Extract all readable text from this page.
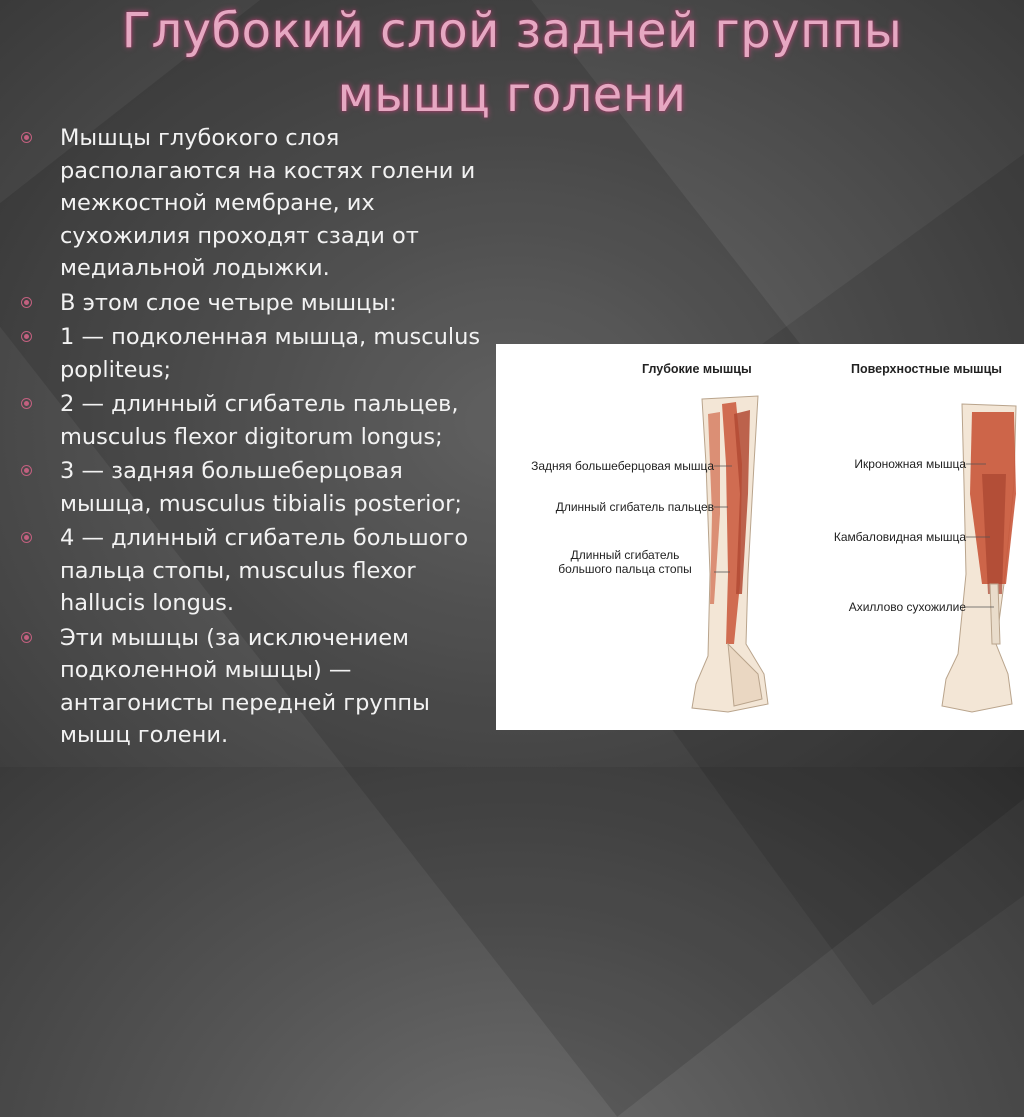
Глубокий слой задней группы
мышц голени
Мышцы глубокого слоя располагаются на костях голени и межкостной мембране, их сухожилия проходят сзади от медиальной лодыжки.
В этом слое четыре мышцы:
1 — подколенная мышца, musculus popliteus;
2 — длинный сгибатель пальцев, musculus flexor digitorum longus;
3 — задняя большеберцовая мышца, musculus tibialis posterior;
4 — длинный сгибатель большого пальца стопы, musculus flexor hallucis longus.
Эти мышцы (за исключением подколенной мышцы) — антагонисты передней группы мышц голени.
Глубокие мышцы	Поверхностные мышцы
Задняя большеберцовая мышца
Длинный сгибатель пальцев
Длинный сгибатель
большого пальца стопы
Икроножная мышца
Камбаловидная мышца
Ахиллово сухожилие
